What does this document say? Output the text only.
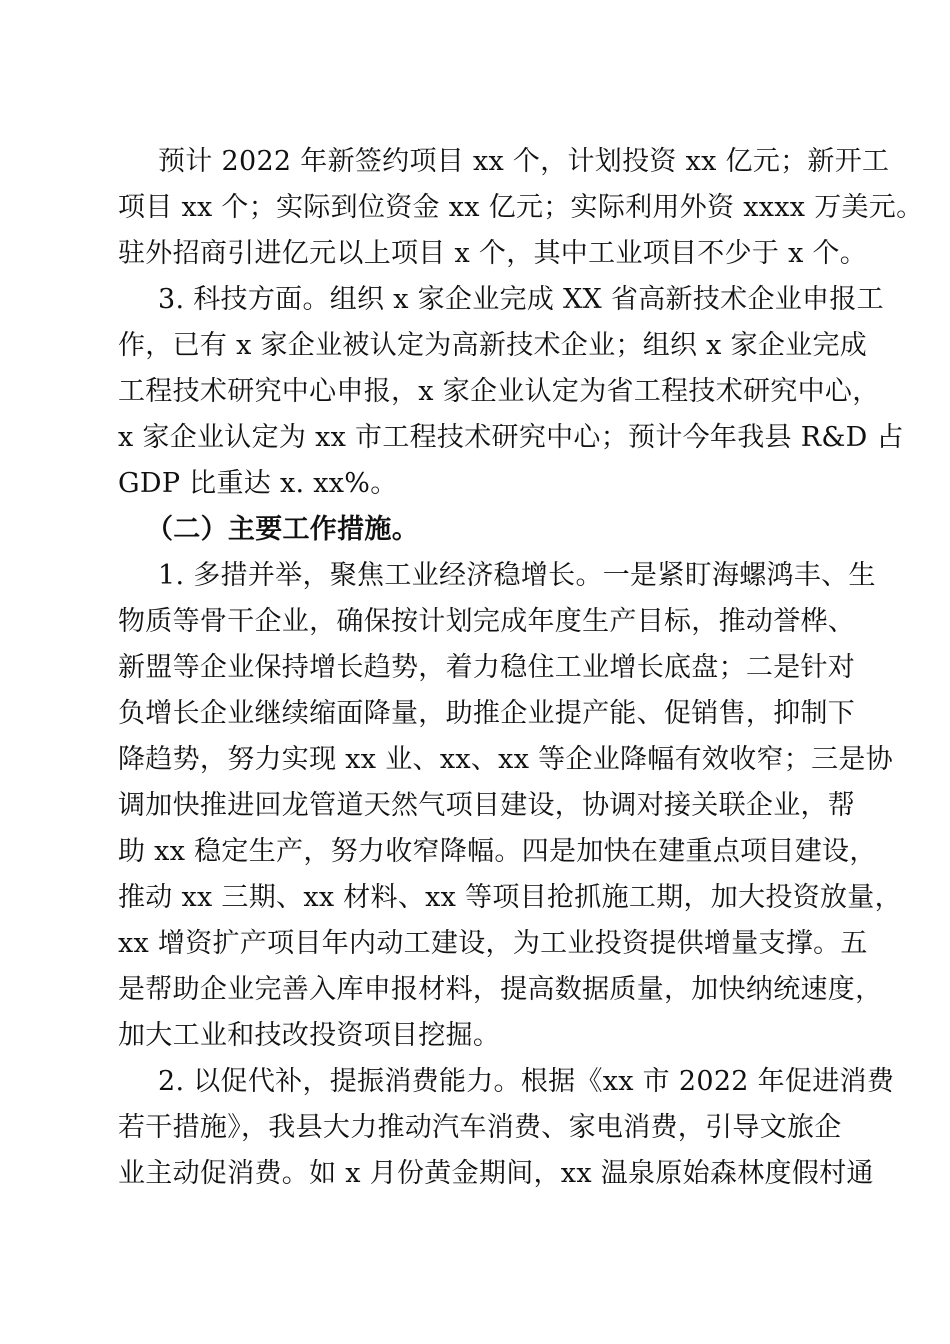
预计 2022 年新签约项目 xx 个，计划投资 xx 亿元；新开工
项目 xx 个；实际到位资金 xx 亿元；实际利用外资 xxxx 万美元。
驻外招商引进亿元以上项目 x 个，其中工业项目不少于 x 个。
3. 科技方面。组织 x 家企业完成 XX 省高新技术企业申报工
作，已有 x 家企业被认定为高新技术企业；组织 x 家企业完成
工程技术研究中心申报，x 家企业认定为省工程技术研究中心，
x 家企业认定为 xx 市工程技术研究中心；预计今年我县 R&D 占
GDP 比重达 x. xx%。
（二）主要工作措施。
1. 多措并举，聚焦工业经济稳增长。一是紧盯海螺鸿丰、生
物质等骨干企业，确保按计划完成年度生产目标，推动誉桦、
新盟等企业保持增长趋势，着力稳住工业增长底盘；二是针对
负增长企业继续缩面降量，助推企业提产能、促销售，抑制下
降趋势，努力实现 xx 业、xx、xx 等企业降幅有效收窄；三是协
调加快推进回龙管道天然气项目建设，协调对接关联企业，帮
助 xx 稳定生产，努力收窄降幅。四是加快在建重点项目建设，
推动 xx 三期、xx 材料、xx 等项目抢抓施工期，加大投资放量，
xx 增资扩产项目年内动工建设，为工业投资提供增量支撑。五
是帮助企业完善入库申报材料，提高数据质量，加快纳统速度，
加大工业和技改投资项目挖掘。
2. 以促代补，提振消费能力。根据《xx 市 2022 年促进消费
若干措施》，我县大力推动汽车消费、家电消费，引导文旅企
业主动促消费。如 x 月份黄金期间，xx 温泉原始森林度假村通
